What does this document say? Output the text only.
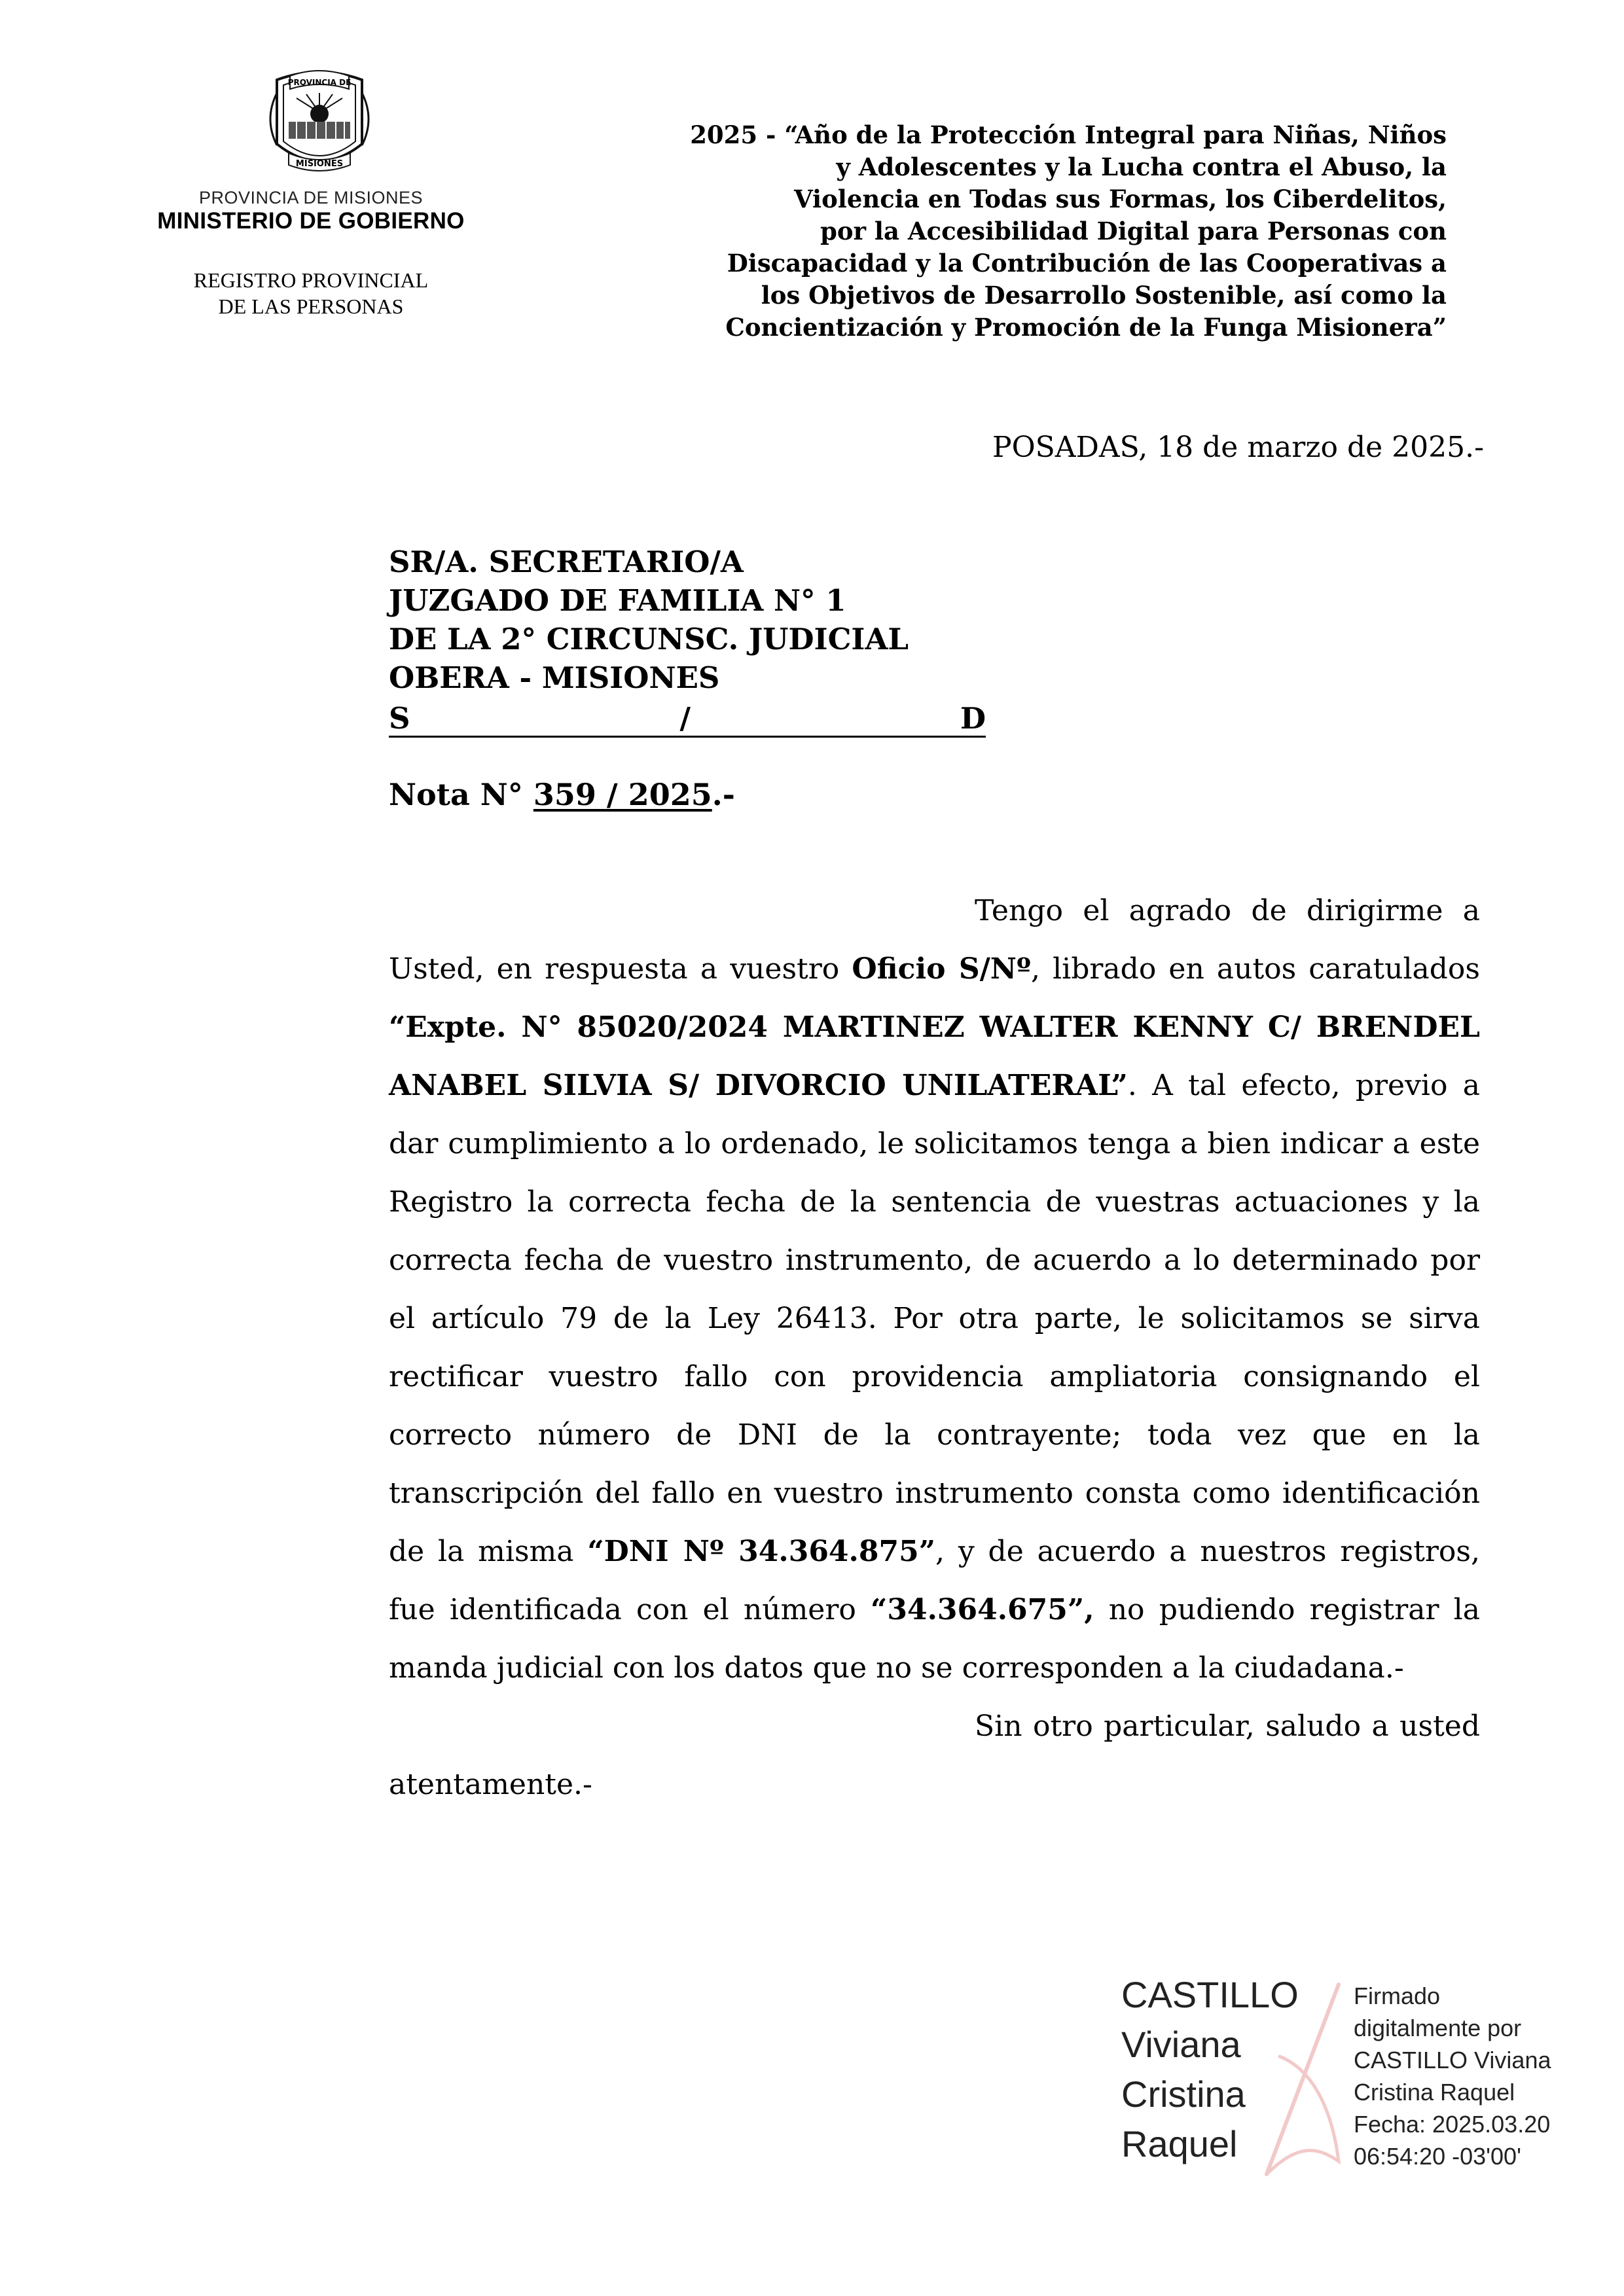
PROVINCIA DE
MISIONES
PROVINCIA DE MISIONES
MINISTERIO DE GOBIERNO
REGISTRO PROVINCIAL
DE LAS PERSONAS
2025 - “Año de la Protección Integral para Niñas, Niños
y Adolescentes y la Lucha contra el Abuso, la
Violencia en Todas sus Formas, los Ciberdelitos,
por la Accesibilidad Digital para Personas con
Discapacidad y la Contribución de las Cooperativas a
los Objetivos de Desarrollo Sostenible, así como la
Concientización y Promoción de la Funga Misionera”
POSADAS, 18 de marzo de 2025.-
SR/A. SECRETARIO/A
JUZGADO DE FAMILIA N° 1
DE LA 2° CIRCUNSC. JUDICIAL
OBERA - MISIONES
S	/	D
Nota N° 359 / 2025.-

Tengo el agrado de dirigirme a Usted, en respuesta a vuestro Oficio S/Nº, librado en autos caratulados “Expte. N° 85020/2024 MARTINEZ WALTER KENNY C/ BRENDEL ANABEL SILVIA S/ DIVORCIO UNILATERAL”. A tal efecto, previo a dar cumplimiento a lo ordenado, le solicitamos tenga a bien indicar a este Registro la correcta fecha de la sentencia de vuestras actuaciones y la correcta fecha de vuestro instrumento, de acuerdo a lo determinado por el artículo 79 de la Ley 26413. Por otra parte, le solicitamos se sirva rectificar vuestro fallo con providencia ampliatoria consignando el correcto número de DNI de la contrayente; toda vez que en la transcripción del fallo en vuestro instrumento consta como identificación de la misma “DNI Nº 34.364.875”, y de acuerdo a nuestros registros, fue identificada con el número “34.364.675”, no pudiendo registrar la manda judicial con los datos que no se corresponden a la ciudadana.-

Sin otro particular, saludo a usted atentamente.-

CASTILLO
Viviana
Cristina
Raquel
Firmado
digitalmente por
CASTILLO Viviana
Cristina Raquel
Fecha: 2025.03.20
06:54:20 -03'00'
